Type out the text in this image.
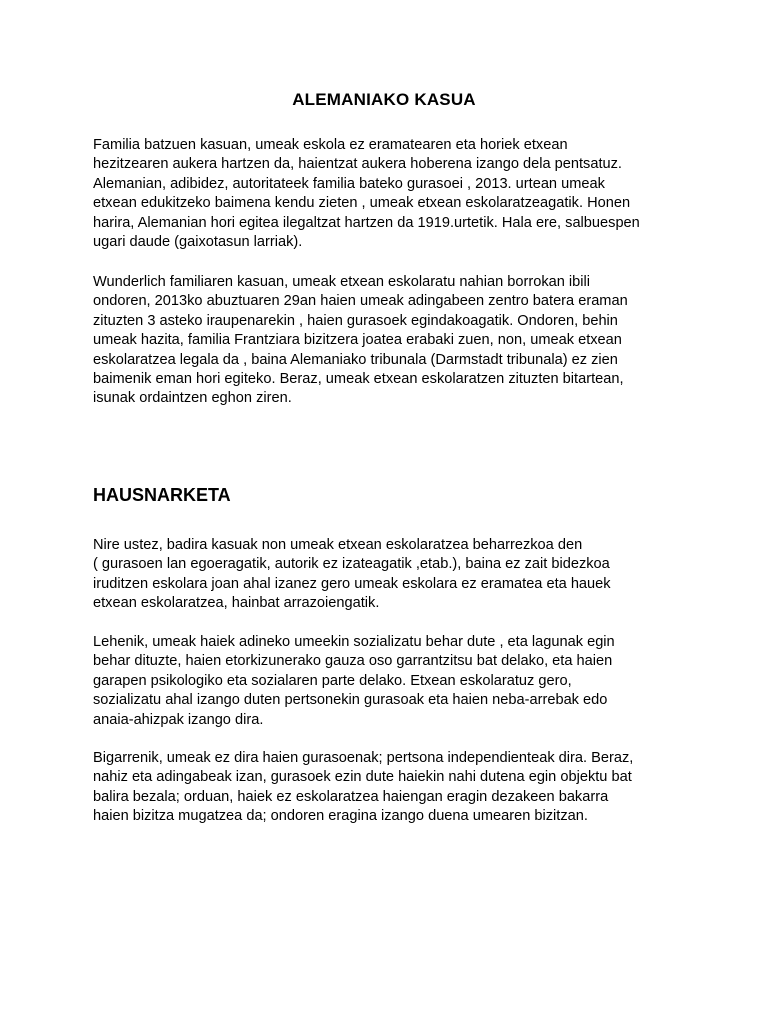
ALEMANIAKO KASUA

Familia batzuen kasuan, umeak eskola ez eramatearen eta horiek etxean
hezitzearen aukera hartzen da, haientzat aukera hoberena izango dela pentsatuz.
Alemanian, adibidez, autoritateek familia bateko gurasoei , 2013. urtean umeak
etxean edukitzeko baimena kendu zieten , umeak etxean eskolaratzeagatik. Honen
harira, Alemanian hori egitea ilegaltzat hartzen da 1919.urtetik. Hala ere, salbuespen
ugari daude (gaixotasun larriak).

Wunderlich familiaren kasuan, umeak etxean eskolaratu nahian borrokan ibili
ondoren, 2013ko abuztuaren 29an haien umeak adingabeen zentro batera eraman
zituzten 3 asteko iraupenarekin , haien gurasoek egindakoagatik. Ondoren, behin
umeak hazita, familia Frantziara bizitzera joatea erabaki zuen, non, umeak etxean
eskolaratzea legala da , baina Alemaniako tribunala (Darmstadt tribunala) ez zien
baimenik eman hori egiteko. Beraz, umeak etxean eskolaratzen zituzten bitartean,
isunak ordaintzen eghon ziren.

HAUSNARKETA

Nire ustez, badira kasuak non umeak etxean eskolaratzea beharrezkoa den
( gurasoen lan egoeragatik, autorik ez izateagatik ,etab.), baina ez zait bidezkoa
iruditzen eskolara joan ahal izanez gero umeak eskolara ez eramatea eta hauek
etxean eskolaratzea, hainbat arrazoiengatik.

Lehenik, umeak haiek adineko umeekin sozializatu behar dute , eta lagunak egin
behar dituzte, haien etorkizunerako gauza oso garrantzitsu bat delako, eta haien
garapen psikologiko eta sozialaren parte delako. Etxean eskolaratuz gero,
sozializatu ahal izango duten pertsonekin gurasoak eta haien neba-arrebak edo
anaia-ahizpak izango dira.

Bigarrenik, umeak ez dira haien gurasoenak; pertsona independienteak dira. Beraz,
nahiz eta adingabeak izan, gurasoek ezin dute haiekin nahi dutena egin objektu bat
balira bezala; orduan, haiek ez eskolaratzea haiengan eragin dezakeen bakarra
haien bizitza mugatzea da; ondoren eragina izango duena umearen bizitzan.
